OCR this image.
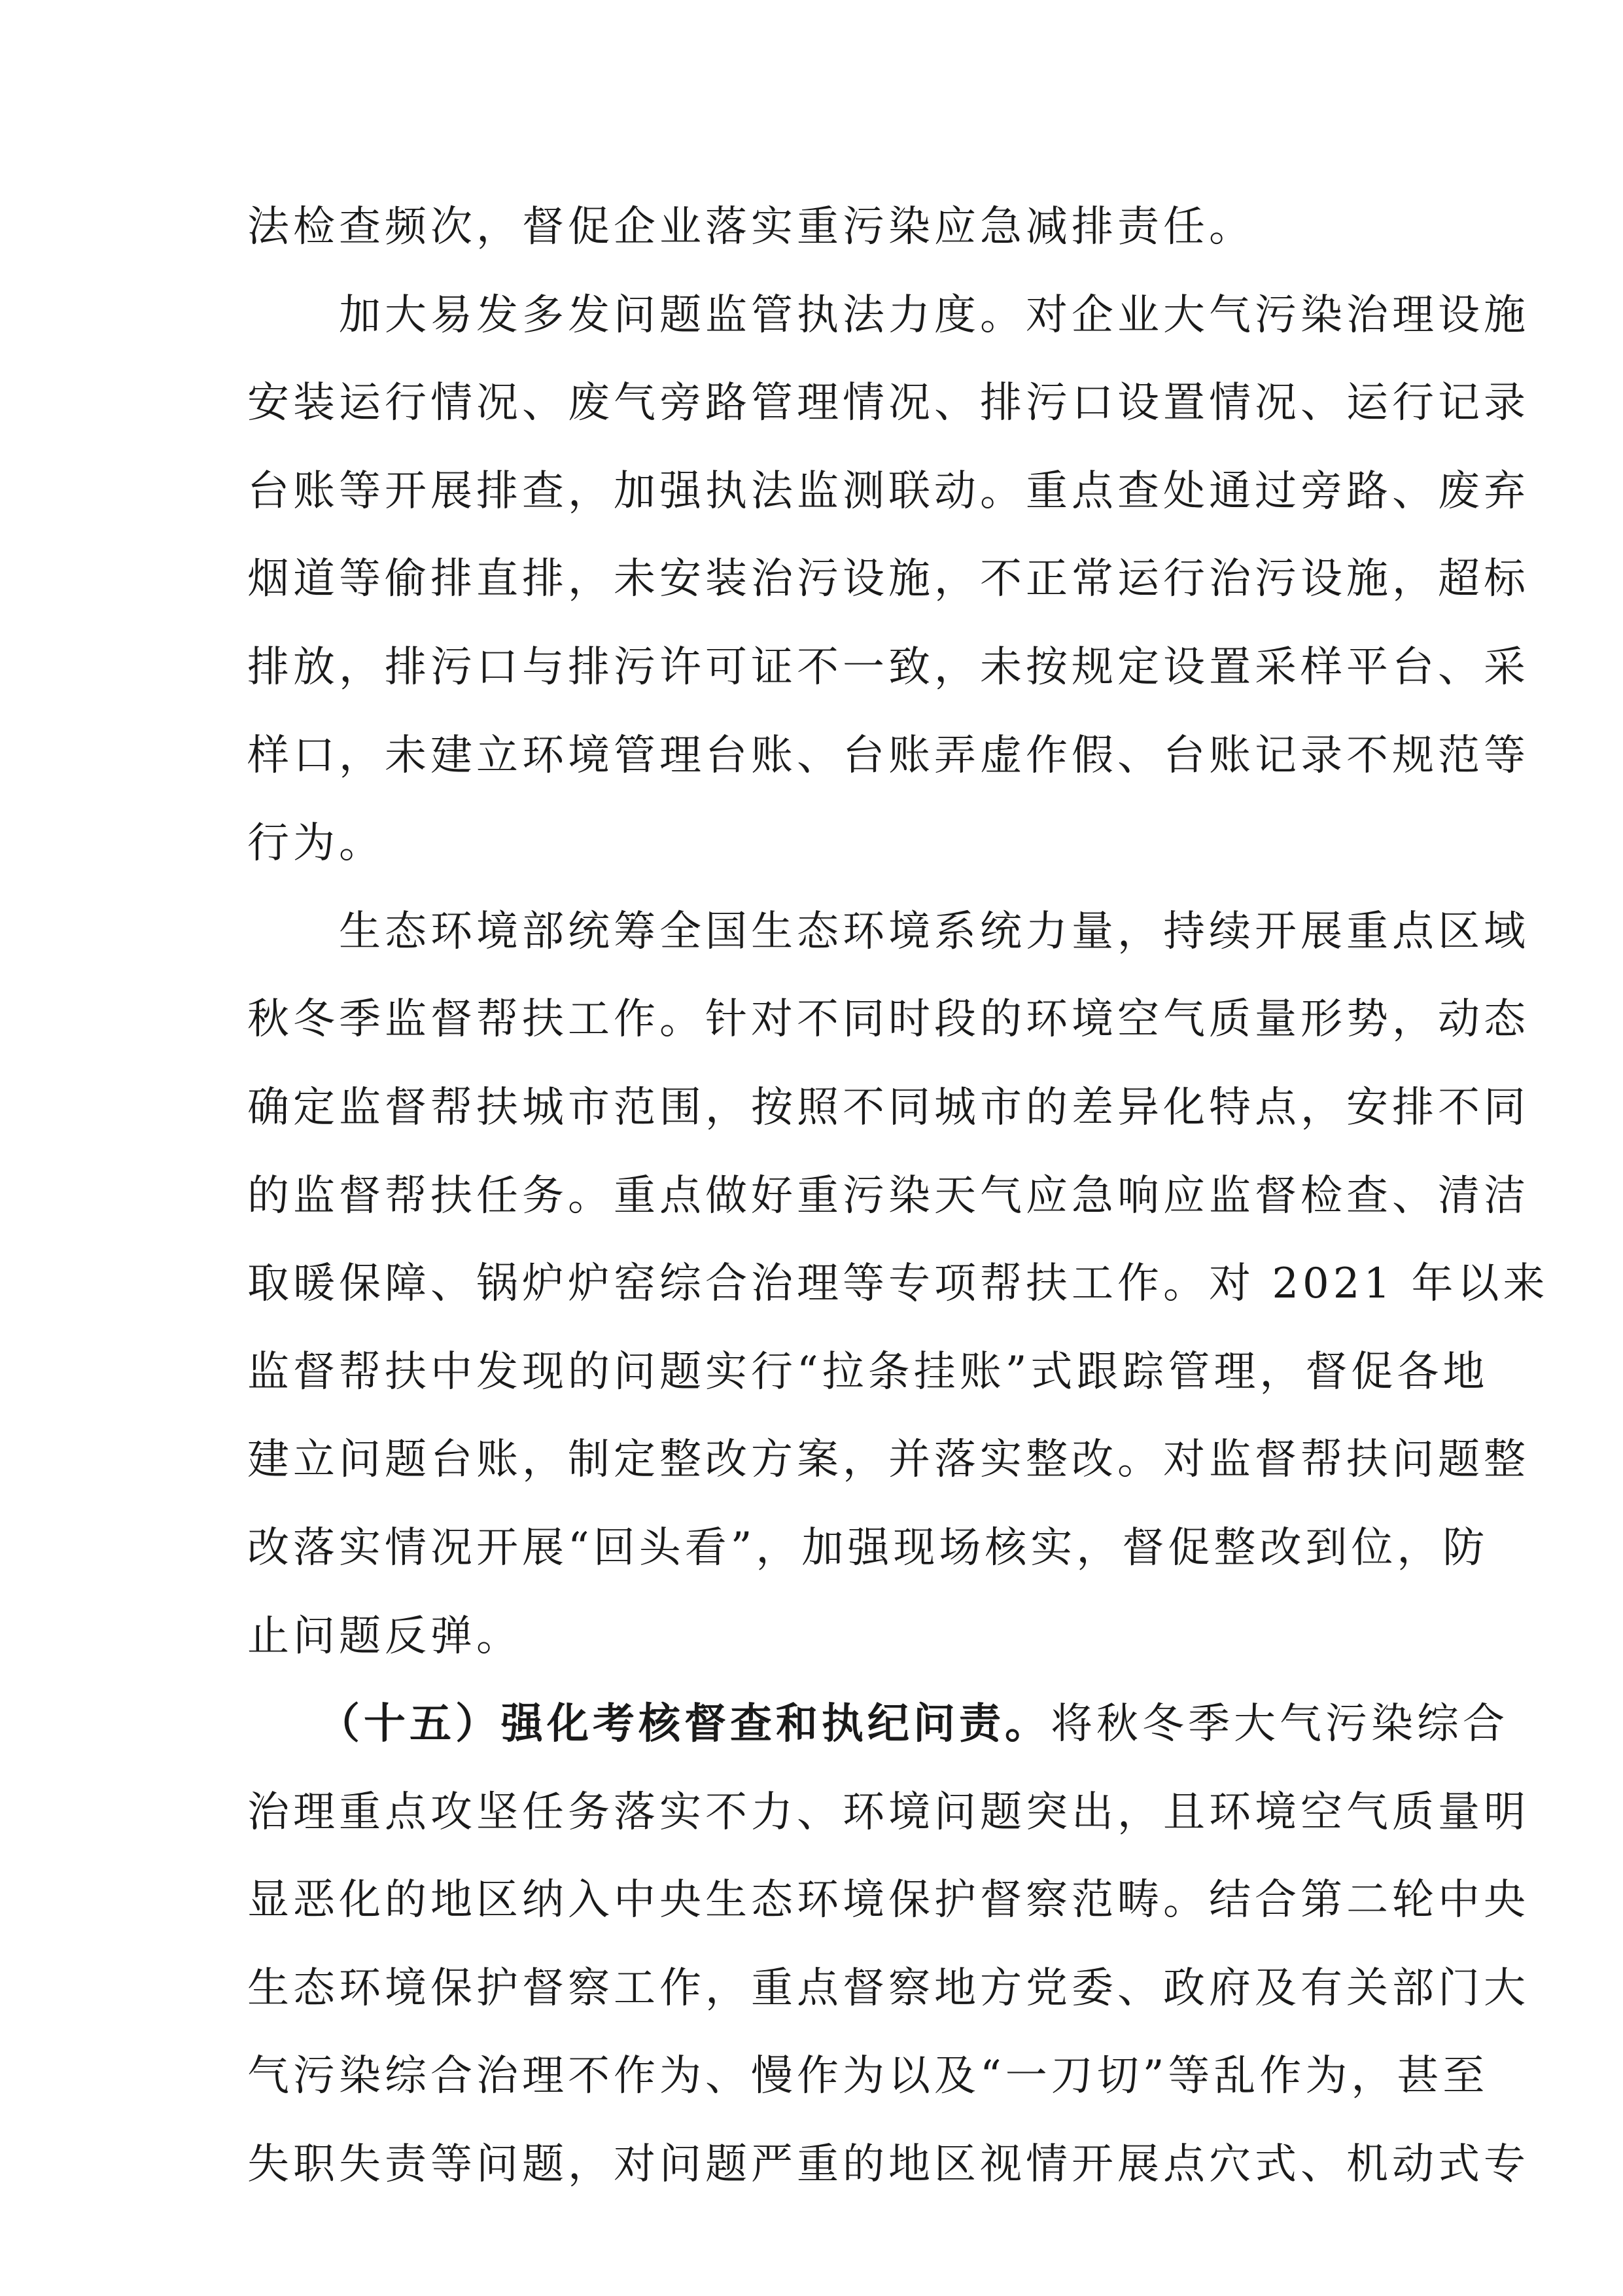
法检查频次，督促企业落实重污染应急减排责任。
　　加大易发多发问题监管执法力度。对企业大气污染治理设施
安装运行情况、废气旁路管理情况、排污口设置情况、运行记录
台账等开展排查，加强执法监测联动。重点查处通过旁路、废弃
烟道等偷排直排，未安装治污设施，不正常运行治污设施，超标
排放，排污口与排污许可证不一致，未按规定设置采样平台、采
样口，未建立环境管理台账、台账弄虚作假、台账记录不规范等
行为。
　　生态环境部统筹全国生态环境系统力量，持续开展重点区域
秋冬季监督帮扶工作。针对不同时段的环境空气质量形势，动态
确定监督帮扶城市范围，按照不同城市的差异化特点，安排不同
的监督帮扶任务。重点做好重污染天气应急响应监督检查、清洁
取暖保障、锅炉炉窑综合治理等专项帮扶工作。对 2021 年以来
监督帮扶中发现的问题实行“拉条挂账”式跟踪管理，督促各地
建立问题台账，制定整改方案，并落实整改。对监督帮扶问题整
改落实情况开展“回头看”，加强现场核实，督促整改到位，防
止问题反弹。
　　（十五）强化考核督查和执纪问责。将秋冬季大气污染综合
治理重点攻坚任务落实不力、环境问题突出，且环境空气质量明
显恶化的地区纳入中央生态环境保护督察范畴。结合第二轮中央
生态环境保护督察工作，重点督察地方党委、政府及有关部门大
气污染综合治理不作为、慢作为以及“一刀切”等乱作为，甚至
失职失责等问题，对问题严重的地区视情开展点穴式、机动式专
